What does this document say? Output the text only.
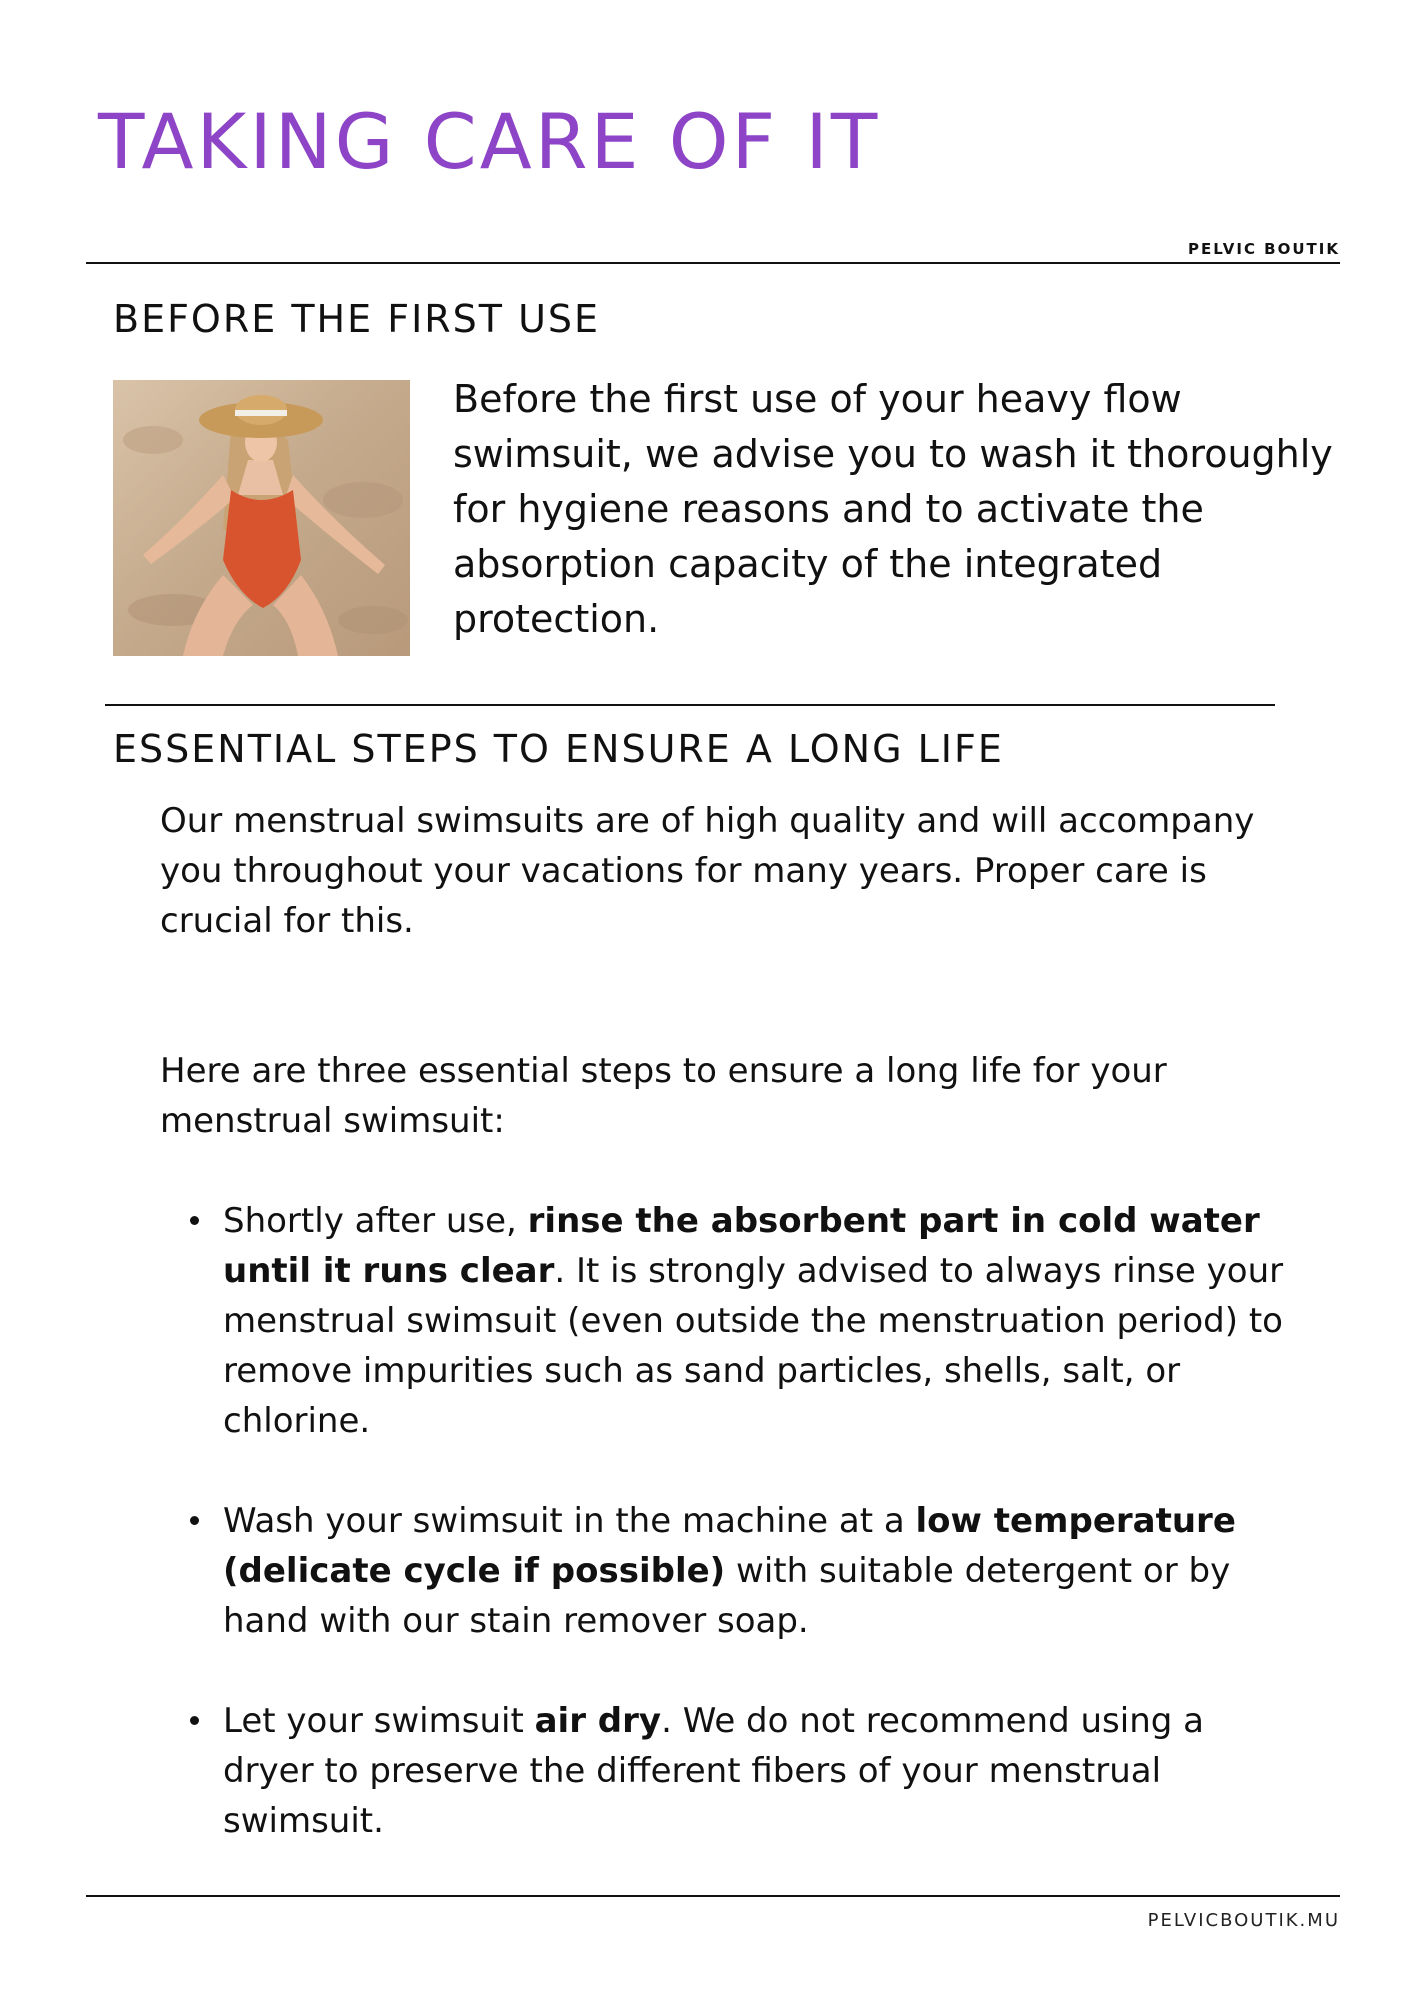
TAKING CARE OF IT
PELVIC BOUTIK
BEFORE THE FIRST USE

Before the first use of your heavy flow swimsuit, we advise you to wash it thoroughly for hygiene reasons and to activate the absorption capacity of the integrated protection.

ESSENTIAL STEPS TO ENSURE A LONG LIFE

Our menstrual swimsuits are of high quality and will accompany you throughout your vacations for many years. Proper care is crucial for this.

Here are three essential steps to ensure a long life for your menstrual swimsuit:

Shortly after use, rinse the absorbent part in cold water until it runs clear. It is strongly advised to always rinse your menstrual swimsuit (even outside the menstruation period) to remove impurities such as sand particles, shells, salt, or chlorine.
Wash your swimsuit in the machine at a low temperature (delicate cycle if possible) with suitable detergent or by hand with our stain remover soap.
Let your swimsuit air dry. We do not recommend using a dryer to preserve the different fibers of your menstrual swimsuit.
PELVICBOUTIK.MU
